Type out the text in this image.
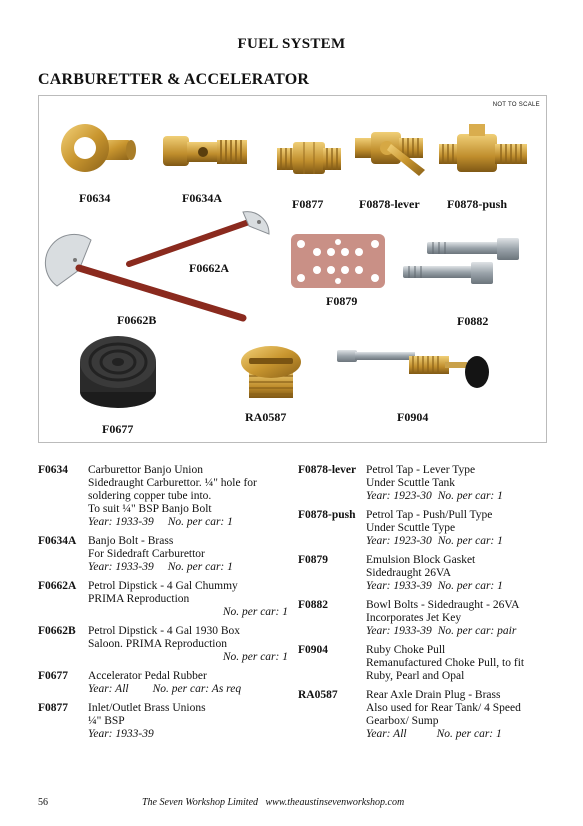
FUEL SYSTEM
CARBURETTER & ACCELERATOR
NOT TO SCALE
F0634	F0634A	F0877	F0878-lever F0878-push
F0662A
F0662B
F0879
F0882
F0677
RA0587	F0904
F0634	Carburettor Banjo Union
Sidedraught Carburettor. ¼" hole for
soldering copper tube into.
To suit ¼" BSP Banjo Bolt
Year: 1933-39 No. per car: 1
F0634A	Banjo Bolt - Brass
For Sidedraft Carburettor
Year: 1933-39 No. per car: 1
F0662A	Petrol Dipstick - 4 Gal Chummy
PRIMA Reproduction
No. per car: 1
F0662B	Petrol Dipstick - 4 Gal 1930 Box
Saloon. PRIMA Reproduction
No. per car: 1
F0677	Accelerator Pedal Rubber
Year: All No. per car: As req
F0877	Inlet/Outlet Brass Unions
¼" BSP
Year: 1933-39
F0878-lever Petrol Tap - Lever Type
Under Scuttle Tank
Year: 1923-30 No. per car: 1
F0878-push Petrol Tap - Push/Pull Type
Under Scuttle Type
Year: 1923-30 No. per car: 1
F0879	Emulsion Block Gasket
Sidedraught 26VA
Year: 1933-39 No. per car: 1
F0882	Bowl Bolts - Sidedraught - 26VA
Incorporates Jet Key
Year: 1933-39 No. per car: pair
F0904	Ruby Choke Pull
Remanufactured Choke Pull, to fit
Ruby, Pearl and Opal
RA0587	Rear Axle Drain Plug - Brass
Also used for Rear Tank/ 4 Speed
Gearbox/ Sump
Year: All	No. per car: 1
56	The Seven Workshop Limited www.theaustinsevenworkshop.com
